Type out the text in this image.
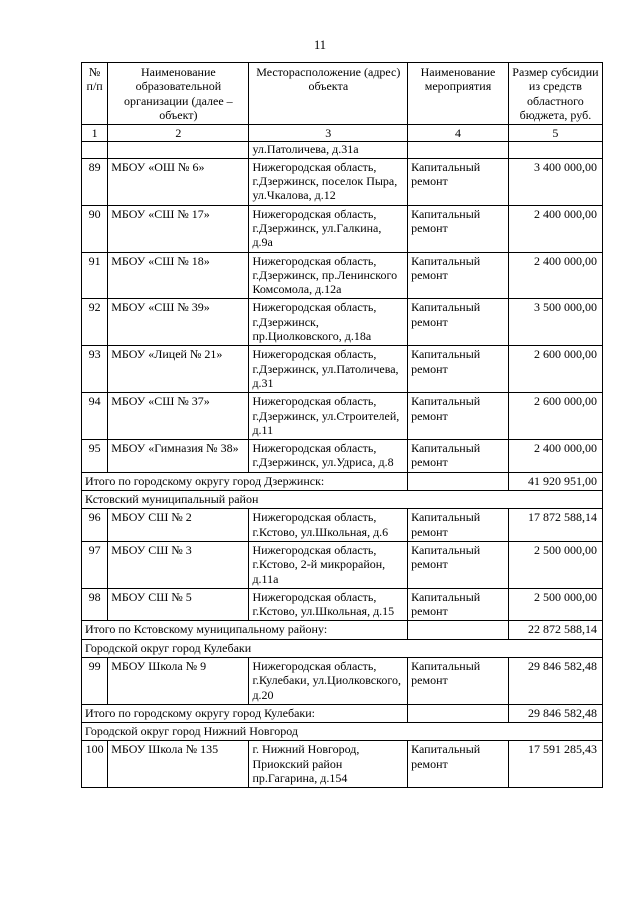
11
№ п/п	Наименование образовательной организации (далее – объект)	Месторасположение (адрес) объекта	Наименование мероприятия	Размер субсидии из средств областного бюджета, руб.
1	2	3	4	5
		ул.Патоличева, д.31а		
89	МБОУ «ОШ № 6»	Нижегородская область, г.Дзержинск, поселок Пыра, ул.Чкалова, д.12	Капитальный ремонт	3 400 000,00
90	МБОУ «СШ № 17»	Нижегородская область, г.Дзержинск, ул.Галкина, д.9а	Капитальный ремонт	2 400 000,00
91	МБОУ «СШ № 18»	Нижегородская область, г.Дзержинск, пр.Ленинского Комсомола, д.12а	Капитальный ремонт	2 400 000,00
92	МБОУ «СШ № 39»	Нижегородская область, г.Дзержинск, пр.Циолковского, д.18а	Капитальный ремонт	3 500 000,00
93	МБОУ «Лицей № 21»	Нижегородская область, г.Дзержинск, ул.Патоличева, д.31	Капитальный ремонт	2 600 000,00
94	МБОУ «СШ № 37»	Нижегородская область, г.Дзержинск, ул.Строителей, д.11	Капитальный ремонт	2 600 000,00
95	МБОУ «Гимназия № 38»	Нижегородская область, г.Дзержинск, ул.Удриса, д.8	Капитальный ремонт	2 400 000,00
Итого по городскому округу город Дзержинск:				41 920 951,00
Кстовский муниципальный район				
96	МБОУ СШ № 2	Нижегородская область, г.Кстово, ул.Школьная, д.6	Капитальный ремонт	17 872 588,14
97	МБОУ СШ № 3	Нижегородская область, г.Кстово, 2-й микрорайон, д.11а	Капитальный ремонт	2 500 000,00
98	МБОУ СШ № 5	Нижегородская область, г.Кстово, ул.Школьная, д.15	Капитальный ремонт	2 500 000,00
Итого по Кстовскому муниципальному району:				22 872 588,14
Городской округ город Кулебаки				
99	МБОУ Школа № 9	Нижегородская область, г.Кулебаки, ул.Циолковского, д.20	Капитальный ремонт	29 846 582,48
Итого по городскому округу город Кулебаки:				29 846 582,48
Городской округ город Нижний Новгород				
100	МБОУ Школа № 135	г. Нижний Новгород, Приокский район пр.Гагарина, д.154	Капитальный ремонт	17 591 285,43
